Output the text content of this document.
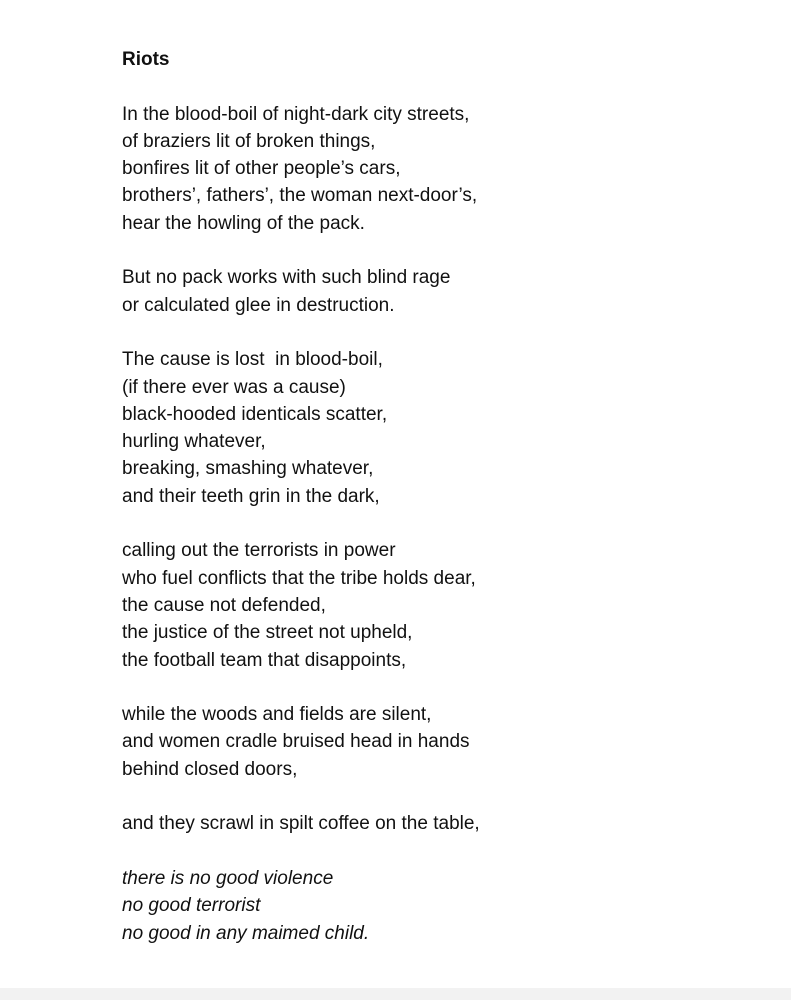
Riots
In the blood-boil of night-dark city streets,
of braziers lit of broken things,
bonfires lit of other people’s cars,
brothers’, fathers’, the woman next-door’s,
hear the howling of the pack.
But no pack works with such blind rage
or calculated glee in destruction.
The cause is lost  in blood-boil,
(if there ever was a cause)
black-hooded identicals scatter,
hurling whatever,
breaking, smashing whatever,
and their teeth grin in the dark,
calling out the terrorists in power
who fuel conflicts that the tribe holds dear,
the cause not defended,
the justice of the street not upheld,
the football team that disappoints,
while the woods and fields are silent,
and women cradle bruised head in hands
behind closed doors,
and they scrawl in spilt coffee on the table,
there is no good violence
no good terrorist
no good in any maimed child.
